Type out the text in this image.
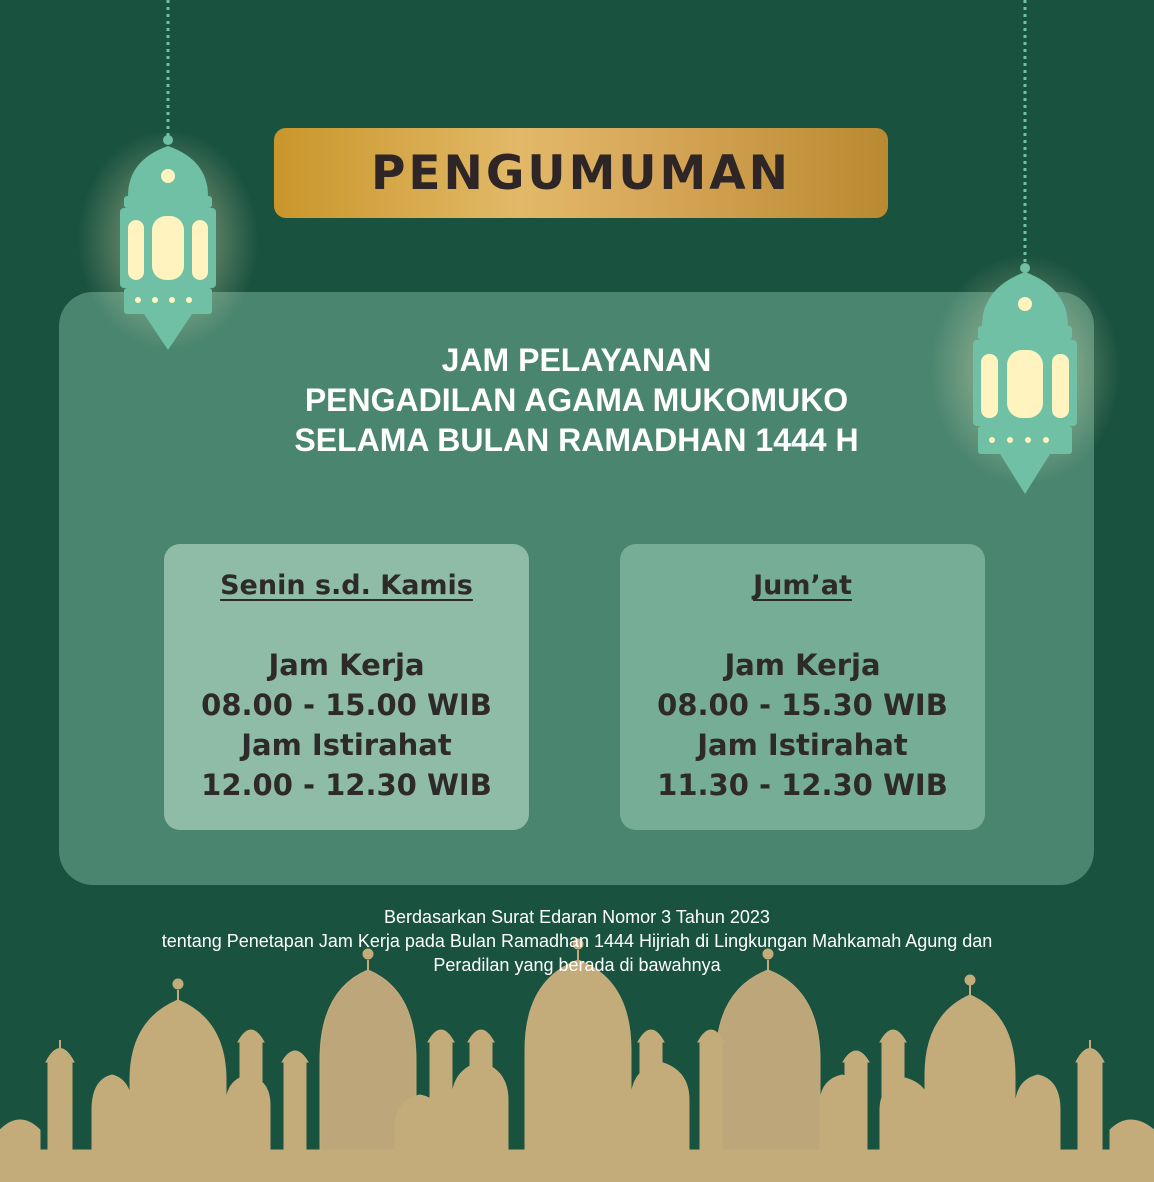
PENGUMUMAN
JAM PELAYANAN
PENGADILAN AGAMA MUKOMUKO
SELAMA BULAN RAMADHAN 1444 H
Senin s.d. Kamis
Jam Kerja
08.00 - 15.00 WIB
Jam Istirahat
12.00 - 12.30 WIB
Jum’at
Jam Kerja
08.00 - 15.30 WIB
Jam Istirahat
11.30 - 12.30 WIB
Berdasarkan Surat Edaran Nomor 3 Tahun 2023
tentang Penetapan Jam Kerja pada Bulan Ramadhan 1444 Hijriah di Lingkungan Mahkamah Agung dan
Peradilan yang berada di bawahnya
